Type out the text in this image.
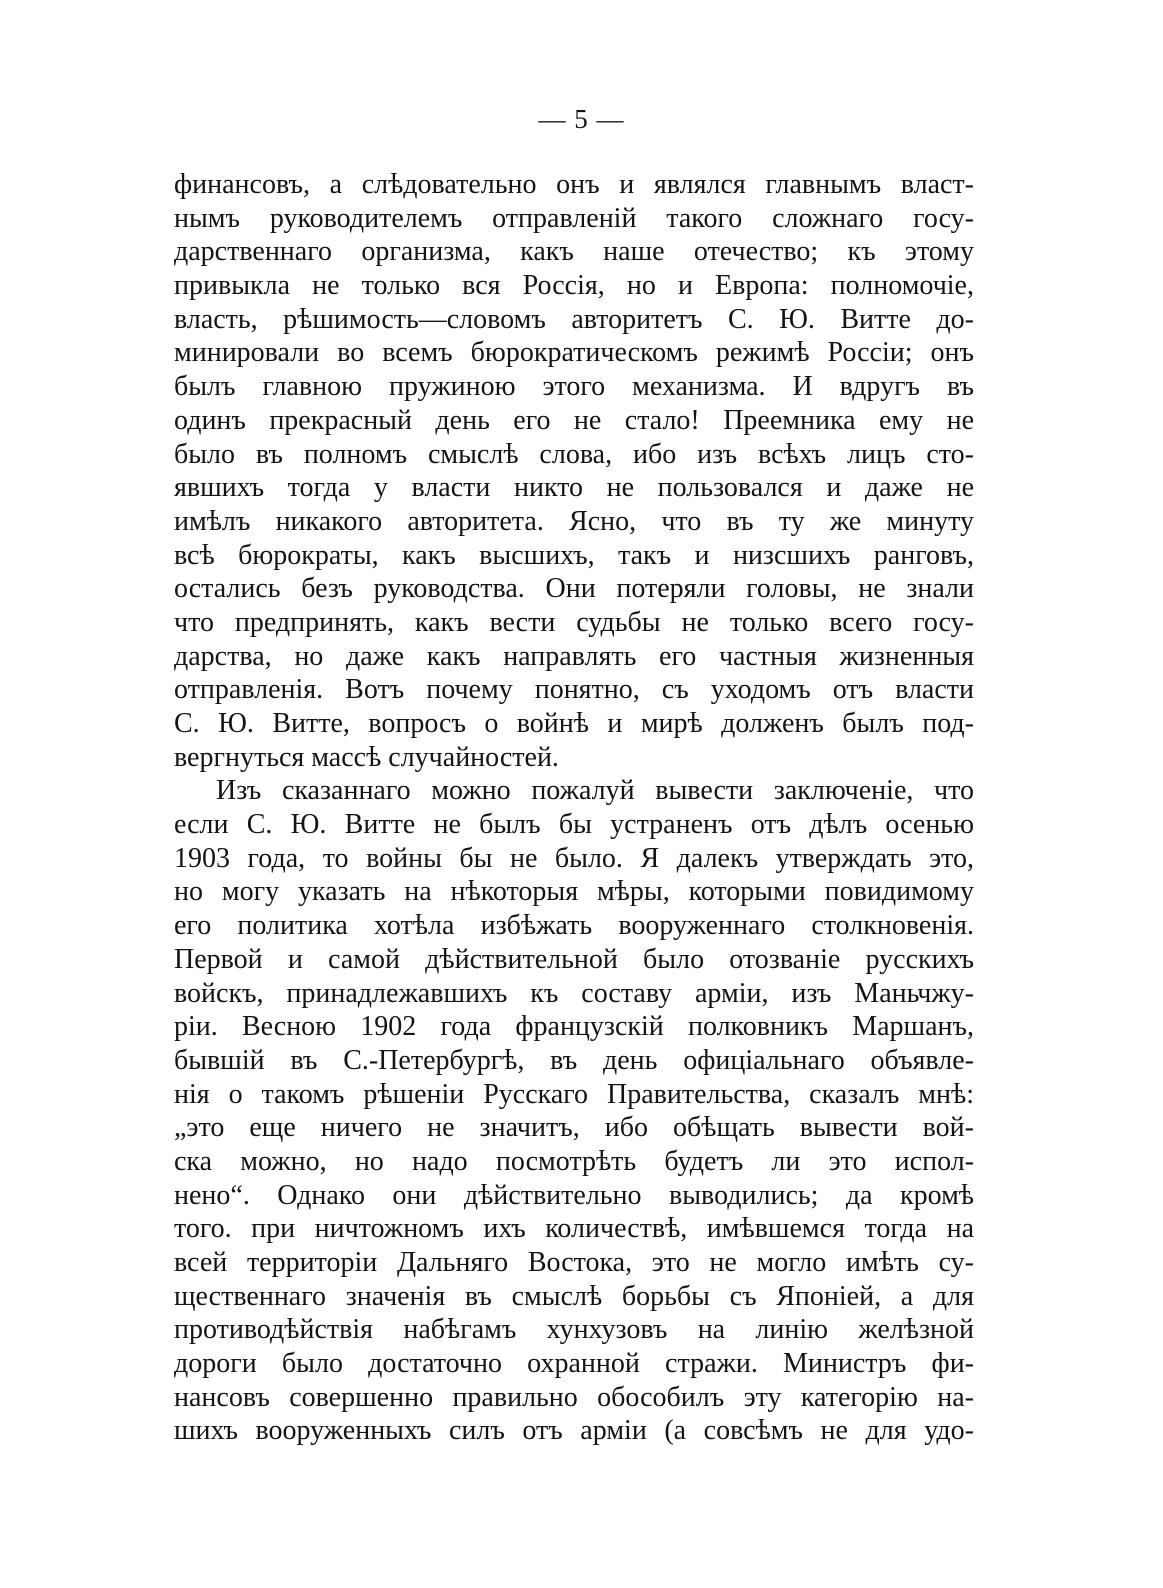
— 5 —
финансовъ, а слѣдовательно онъ и являлся главнымъ власт-
нымъ руководителемъ отправленій такого сложнаго госу-
дарственнаго организма, какъ наше отечество; къ этому
привыкла не только вся Россія, но и Европа: полномочіе,
власть, рѣшимость—словомъ авторитетъ С. Ю. Витте до-
минировали во всемъ бюрократическомъ режимѣ Россіи; онъ
былъ главною пружиною этого механизма. И вдругъ въ
одинъ прекрасный день его не стало! Преемника ему не
было въ полномъ смыслѣ слова, ибо изъ всѣхъ лицъ сто-
явшихъ тогда у власти никто не пользовался и даже не
имѣлъ никакого авторитета. Ясно, что въ ту же минуту
всѣ бюрократы, какъ высшихъ, такъ и низсшихъ ранговъ,
остались безъ руководства. Они потеряли головы, не знали
что предпринять, какъ вести судьбы не только всего госу-
дарства, но даже какъ направлять его частныя жизненныя
отправленія. Вотъ почему понятно, съ уходомъ отъ власти
С. Ю. Витте, вопросъ о войнѣ и мирѣ долженъ былъ под-
вергнуться массѣ случайностей.
Изъ сказаннаго можно пожалуй вывести заключеніе, что
если С. Ю. Витте не былъ бы устраненъ отъ дѣлъ осенью
1903 года, то войны бы не было. Я далекъ утверждать это,
но могу указать на нѣкоторыя мѣры, которыми повидимому
его политика хотѣла избѣжать вооруженнаго столкновенія.
Первой и самой дѣйствительной было отозваніе русскихъ
войскъ, принадлежавшихъ къ составу арміи, изъ Маньчжу-
ріи. Весною 1902 года французскій полковникъ Маршанъ,
бывшій въ С.-Петербургѣ, въ день офиціальнаго объявле-
нія о такомъ рѣшеніи Русскаго Правительства, сказалъ мнѣ:
„это еще ничего не значитъ, ибо обѣщать вывести вой-
ска можно, но надо посмотрѣть будетъ ли это испол-
нено“. Однако они дѣйствительно выводились; да кромѣ
того. при ничтожномъ ихъ количествѣ, имѣвшемся тогда на
всей территоріи Дальняго Востока, это не могло имѣть су-
щественнаго значенія въ смыслѣ борьбы съ Японіей, а для
противодѣйствія набѣгамъ хунхузовъ на линію желѣзной
дороги было достаточно охранной стражи. Министръ фи-
нансовъ совершенно правильно обособилъ эту категорію на-
шихъ вооруженныхъ силъ отъ арміи (а совсѣмъ не для удо-
